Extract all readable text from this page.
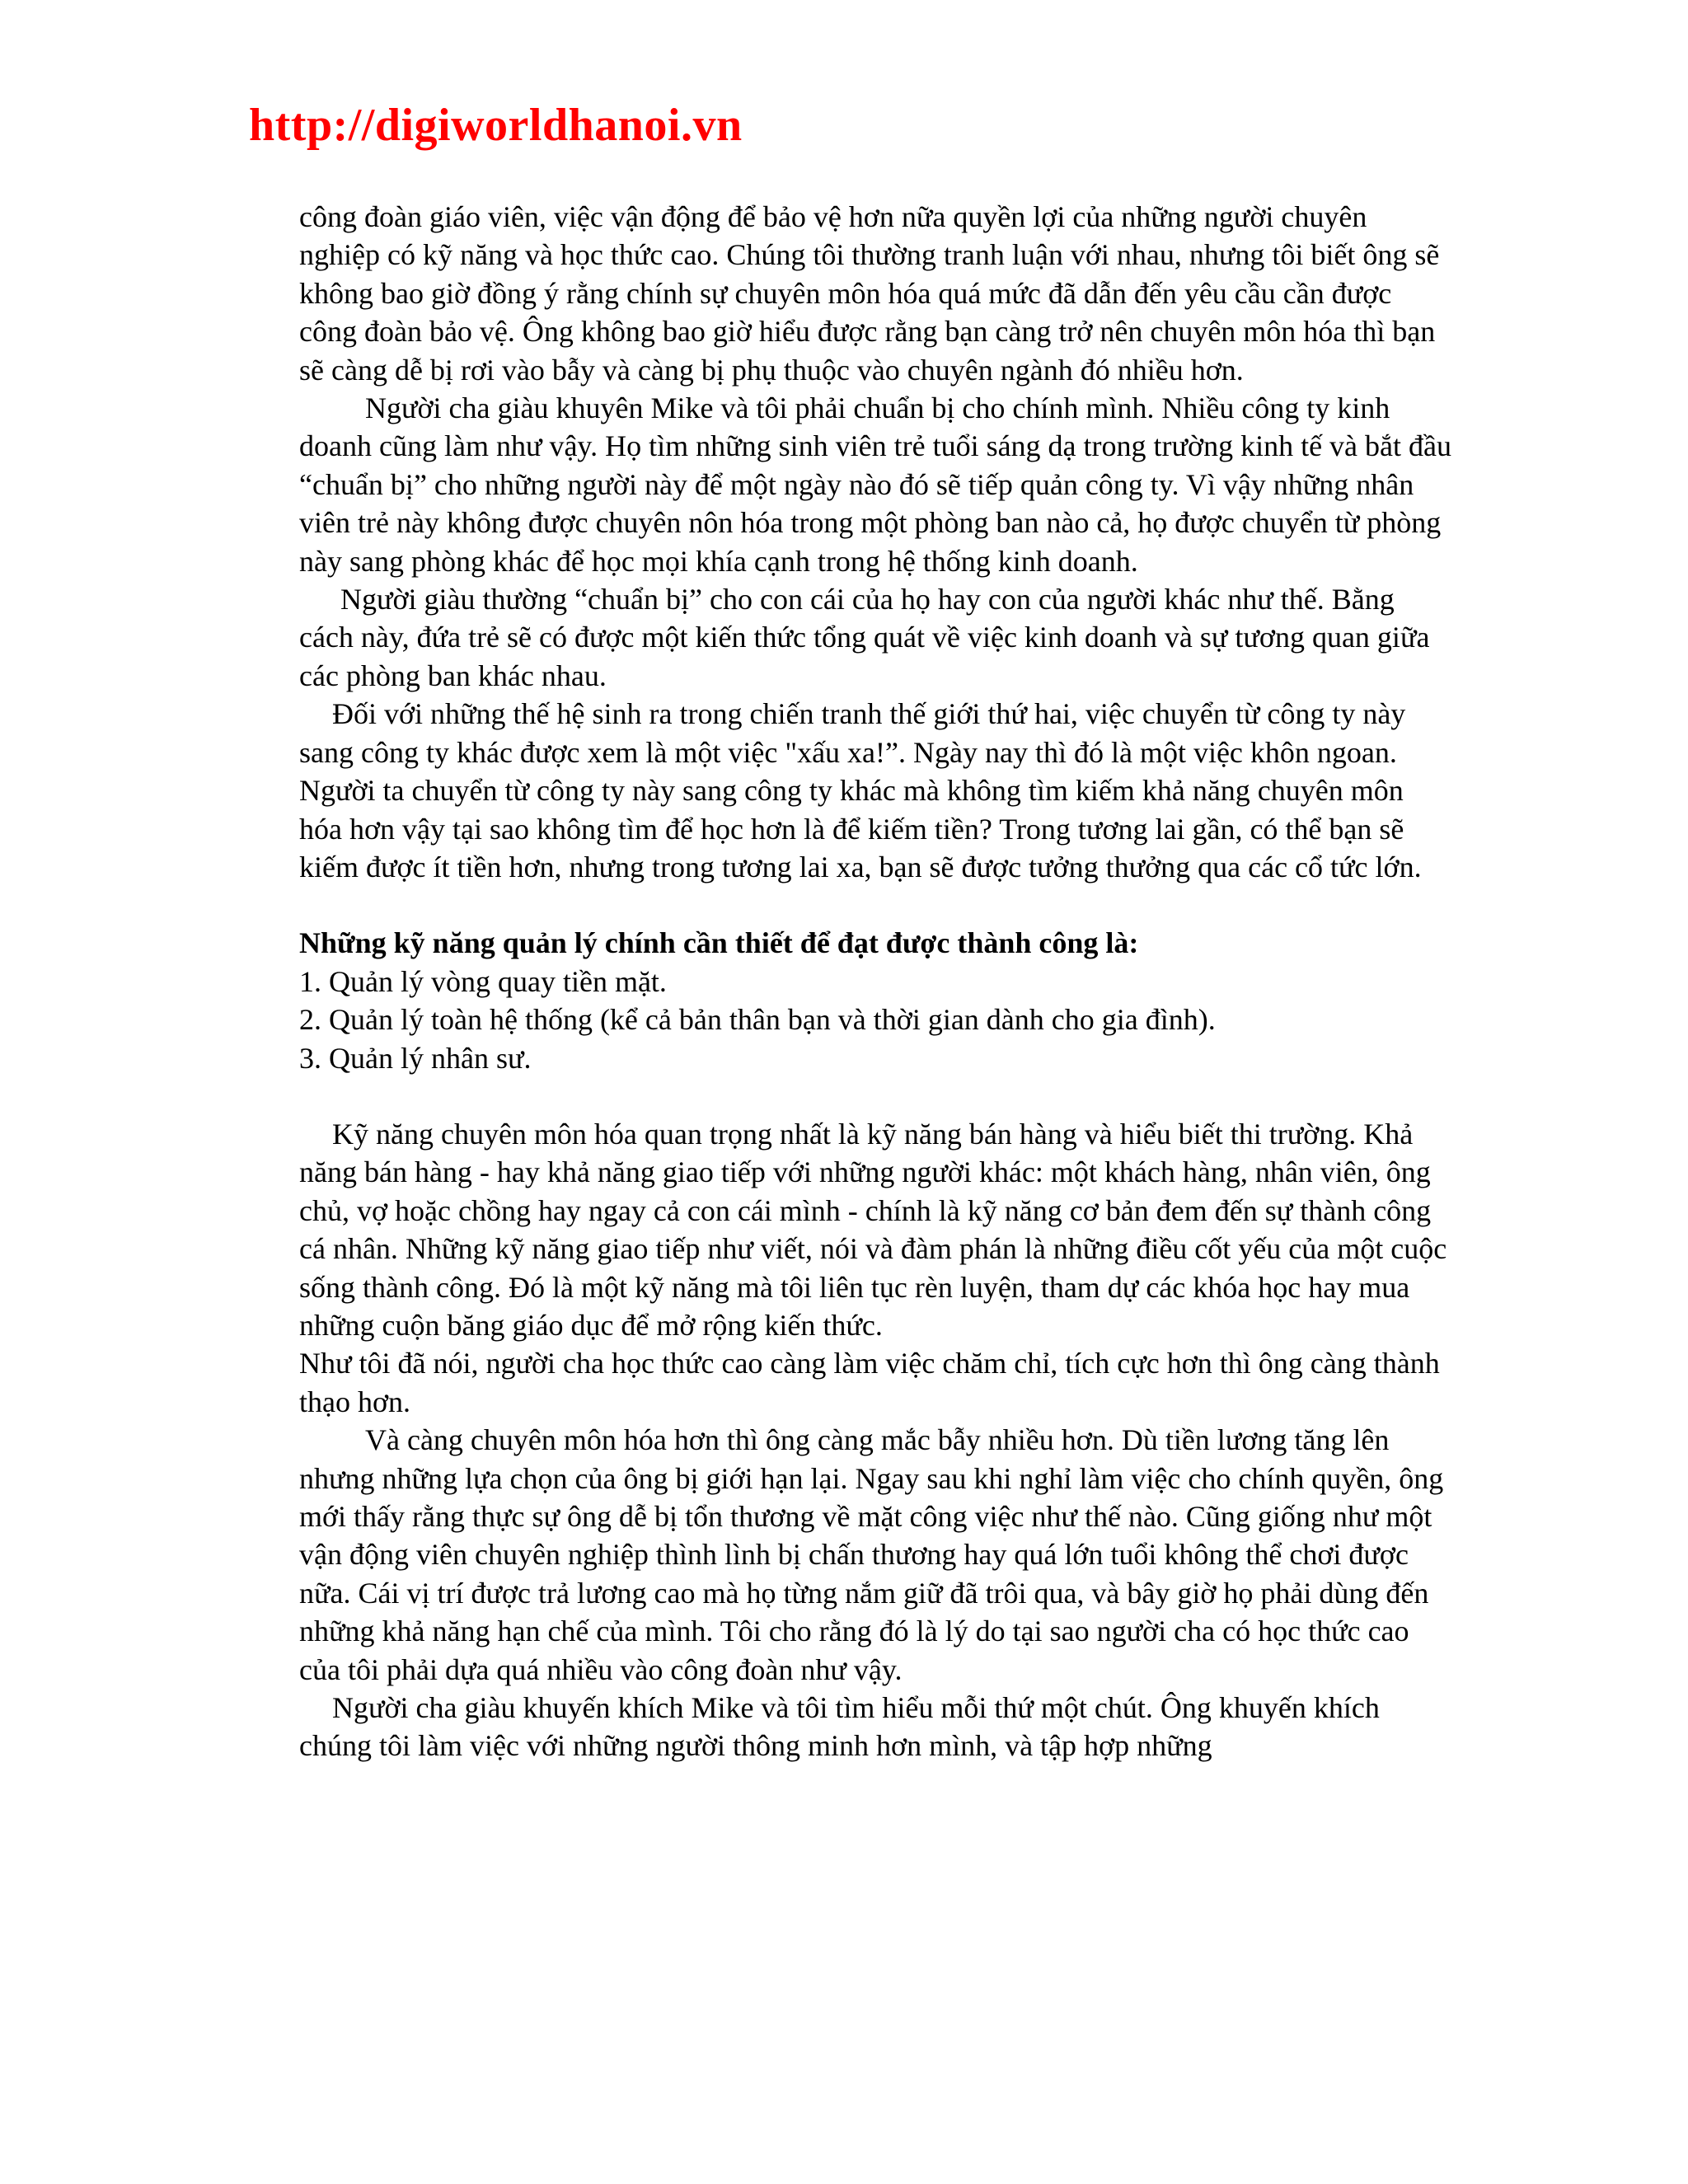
http://digiworldhanoi.vn

công đoàn giáo viên, việc vận động để bảo vệ hơn nữa quyền lợi của những người chuyên nghiệp có kỹ năng và học thức cao. Chúng tôi thường tranh luận với nhau, nhưng tôi biết ông sẽ không bao giờ đồng ý rằng chính sự chuyên môn hóa quá mức đã dẫn đến yêu cầu cần được công đoàn bảo vệ. Ông không bao giờ hiểu được rằng bạn càng trở nên chuyên môn hóa thì bạn sẽ càng dễ bị rơi vào bẫy và càng bị phụ thuộc vào chuyên ngành đó nhiều hơn.

Người cha giàu khuyên Mike và tôi phải chuẩn bị cho chính mình. Nhiều công ty kinh doanh cũng làm như vậy. Họ tìm những sinh viên trẻ tuổi sáng dạ trong trường kinh tế và bắt đầu “chuẩn bị” cho những người này để một ngày nào đó sẽ tiếp quản công ty. Vì vậy những nhân viên trẻ này không được chuyên nôn hóa trong một phòng ban nào cả, họ được chuyển từ phòng này sang phòng khác để học mọi khía cạnh trong hệ thống kinh doanh.

Người giàu thường “chuẩn bị” cho con cái của họ hay con của người khác như thế. Bằng cách này, đứa trẻ sẽ có được một kiến thức tổng quát về việc kinh doanh và sự tương quan giữa các phòng ban khác nhau.

Đối với những thế hệ sinh ra trong chiến tranh thế giới thứ hai, việc chuyển từ công ty này sang công ty khác được xem là một việc "xấu xa!”. Ngày nay thì đó là một việc khôn ngoan. Người ta chuyển từ công ty này sang công ty khác mà không tìm kiếm khả năng chuyên môn hóa hơn vậy tại sao không tìm để học hơn là để kiếm tiền? Trong tương lai gần, có thể bạn sẽ kiếm được ít tiền hơn, nhưng trong tương lai xa, bạn sẽ được tưởng thưởng qua các cổ tức lớn.

Những kỹ năng quản lý chính cần thiết để đạt được thành công là:

1. Quản lý vòng quay tiền mặt.

2. Quản lý toàn hệ thống (kể cả bản thân bạn và thời gian dành cho gia đình).

3. Quản lý nhân sư.

Kỹ năng chuyên môn hóa quan trọng nhất là kỹ năng bán hàng và hiểu biết thi trường. Khả năng bán hàng - hay khả năng giao tiếp với những người khác: một khách hàng, nhân viên, ông chủ, vợ hoặc chồng hay ngay cả con cái mình - chính là kỹ năng cơ bản đem đến sự thành công cá nhân. Những kỹ năng giao tiếp như viết, nói và đàm phán là những điều cốt yếu của một cuộc sống thành công. Đó là một kỹ năng mà tôi liên tục rèn luyện, tham dự các khóa học hay mua những cuộn băng giáo dục để mở rộng kiến thức.

Như tôi đã nói, người cha học thức cao càng làm việc chăm chỉ, tích cực hơn thì ông càng thành thạo hơn.

Và càng chuyên môn hóa hơn thì ông càng mắc bẫy nhiều hơn. Dù tiền lương tăng lên nhưng những lựa chọn của ông bị giới hạn lại. Ngay sau khi nghỉ làm việc cho chính quyền, ông mới thấy rằng thực sự ông dễ bị tổn thương về mặt công việc như thế nào. Cũng giống như một vận động viên chuyên nghiệp thình lình bị chấn thương hay quá lớn tuổi không thể chơi được nữa. Cái vị trí được trả lương cao mà họ từng nắm giữ đã trôi qua, và bây giờ họ phải dùng đến những khả năng hạn chế của mình. Tôi cho rằng đó là lý do tại sao người cha có học thức cao của tôi phải dựa quá nhiều vào công đoàn như vậy.

Người cha giàu khuyến khích Mike và tôi tìm hiểu mỗi thứ một chút. Ông khuyến khích chúng tôi làm việc với những người thông minh hơn mình, và tập hợp những
